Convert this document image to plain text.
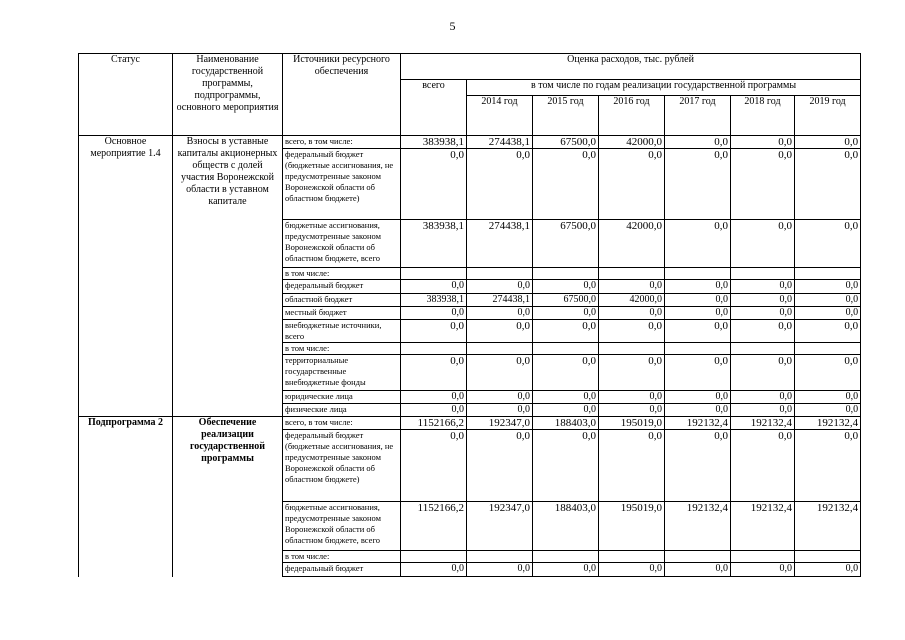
5
Статус	Наименование государственной программы, подпрограммы, основного мероприятия	Источники ресурсного обеспечения	Оценка расходов, тыс. рублей						
			всего	в том числе по годам реализации государственной программы					
				2014 год	2015 год	2016 год	2017 год	2018 год	2019 год
Основное мероприятие 1.4	Взносы в уставные капиталы акционерных обществ с долей участия Воронежской области в уставном капитале	всего, в том числе:	383938,1	274438,1	67500,0	42000,0	0,0	0,0	0,0
		федеральный бюджет (бюджетные ассигнования, не предусмотренные законом Воронежской области об областном бюджете)	0,0	0,0	0,0	0,0	0,0	0,0	0,0
		бюджетные ассигнования, предусмотренные законом Воронежской области об областном бюджете, всего	383938,1	274438,1	67500,0	42000,0	0,0	0,0	0,0
		в том числе:							
		федеральный бюджет	0,0	0,0	0,0	0,0	0,0	0,0	0,0
		областной бюджет	383938,1	274438,1	67500,0	42000,0	0,0	0,0	0,0
		местный бюджет	0,0	0,0	0,0	0,0	0,0	0,0	0,0
		внебюджетные источники, всего	0,0	0,0	0,0	0,0	0,0	0,0	0,0
		в том числе:							
		территориальные государственные внебюджетные фонды	0,0	0,0	0,0	0,0	0,0	0,0	0,0
		юридические лица	0,0	0,0	0,0	0,0	0,0	0,0	0,0
		физические лица	0,0	0,0	0,0	0,0	0,0	0,0	0,0
Подпрограмма 2	Обеспечение реализации государственной программы	всего, в том числе:	1152166,2	192347,0	188403,0	195019,0	192132,4	192132,4	192132,4
		федеральный бюджет (бюджетные ассигнования, не предусмотренные законом Воронежской области об областном бюджете)	0,0	0,0	0,0	0,0	0,0	0,0	0,0
		бюджетные ассигнования, предусмотренные законом Воронежской области об областном бюджете, всего	1152166,2	192347,0	188403,0	195019,0	192132,4	192132,4	192132,4
		в том числе:							
		федеральный бюджет	0,0	0,0	0,0	0,0	0,0	0,0	0,0
